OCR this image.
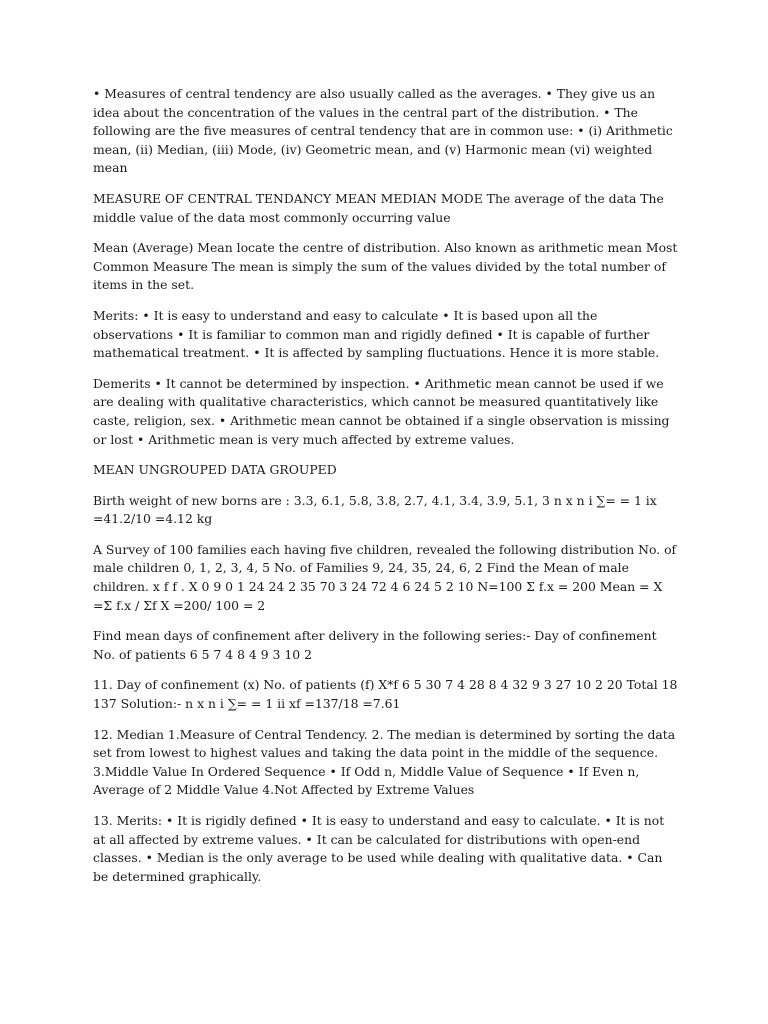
• Measures of central tendency are also usually called as the averages. • They give us an idea about the concentration of the values in the central part of the distribution. • The following are the five measures of central tendency that are in common use: • (i) Arithmetic mean, (ii) Median, (iii) Mode, (iv) Geometric mean, and (v) Harmonic mean (vi) weighted mean

MEASURE OF CENTRAL TENDANCY MEAN MEDIAN MODE The average of the data The middle value of the data most commonly occurring value

Mean (Average) Mean locate the centre of distribution. Also known as arithmetic mean Most Common Measure The mean is simply the sum of the values divided by the total number of items in the set.

Merits: • It is easy to understand and easy to calculate • It is based upon all the observations • It is familiar to common man and rigidly defined • It is capable of further mathematical treatment. • It is affected by sampling fluctuations. Hence it is more stable.

Demerits • It cannot be determined by inspection. • Arithmetic mean cannot be used if we are dealing with qualitative characteristics, which cannot be measured quantitatively like caste, religion, sex. • Arithmetic mean cannot be obtained if a single observation is missing or lost • Arithmetic mean is very much affected by extreme values.

MEAN UNGROUPED DATA GROUPED

Birth weight of new borns are : 3.3, 6.1, 5.8, 3.8, 2.7, 4.1, 3.4, 3.9, 5.1, 3 n x n i ∑= = 1 ix =41.2/10 =4.12 kg

A Survey of 100 families each having five children, revealed the following distribution No. of male children 0, 1, 2, 3, 4, 5 No. of Families 9, 24, 35, 24, 6, 2 Find the Mean of male children. x f f . X 0 9 0 1 24 24 2 35 70 3 24 72 4 6 24 5 2 10 N=100 Σ f.x = 200 Mean = X =Σ f.x / Σf X =200/ 100 = 2

Find mean days of confinement after delivery in the following series:- Day of confinement No. of patients 6 5 7 4 8 4 9 3 10 2

11. Day of confinement (x) No. of patients (f) X*f 6 5 30 7 4 28 8 4 32 9 3 27 10 2 20 Total 18 137 Solution:- n x n i ∑= = 1 ii xf =137/18 =7.61

12. Median 1.Measure of Central Tendency. 2. The median is determined by sorting the data set from lowest to highest values and taking the data point in the middle of the sequence. 3.Middle Value In Ordered Sequence • If Odd n, Middle Value of Sequence • If Even n, Average of 2 Middle Value 4.Not Affected by Extreme Values

13. Merits: • It is rigidly defined • It is easy to understand and easy to calculate. • It is not at all affected by extreme values. • It can be calculated for distributions with open-end classes. • Median is the only average to be used while dealing with qualitative data. • Can be determined graphically.
